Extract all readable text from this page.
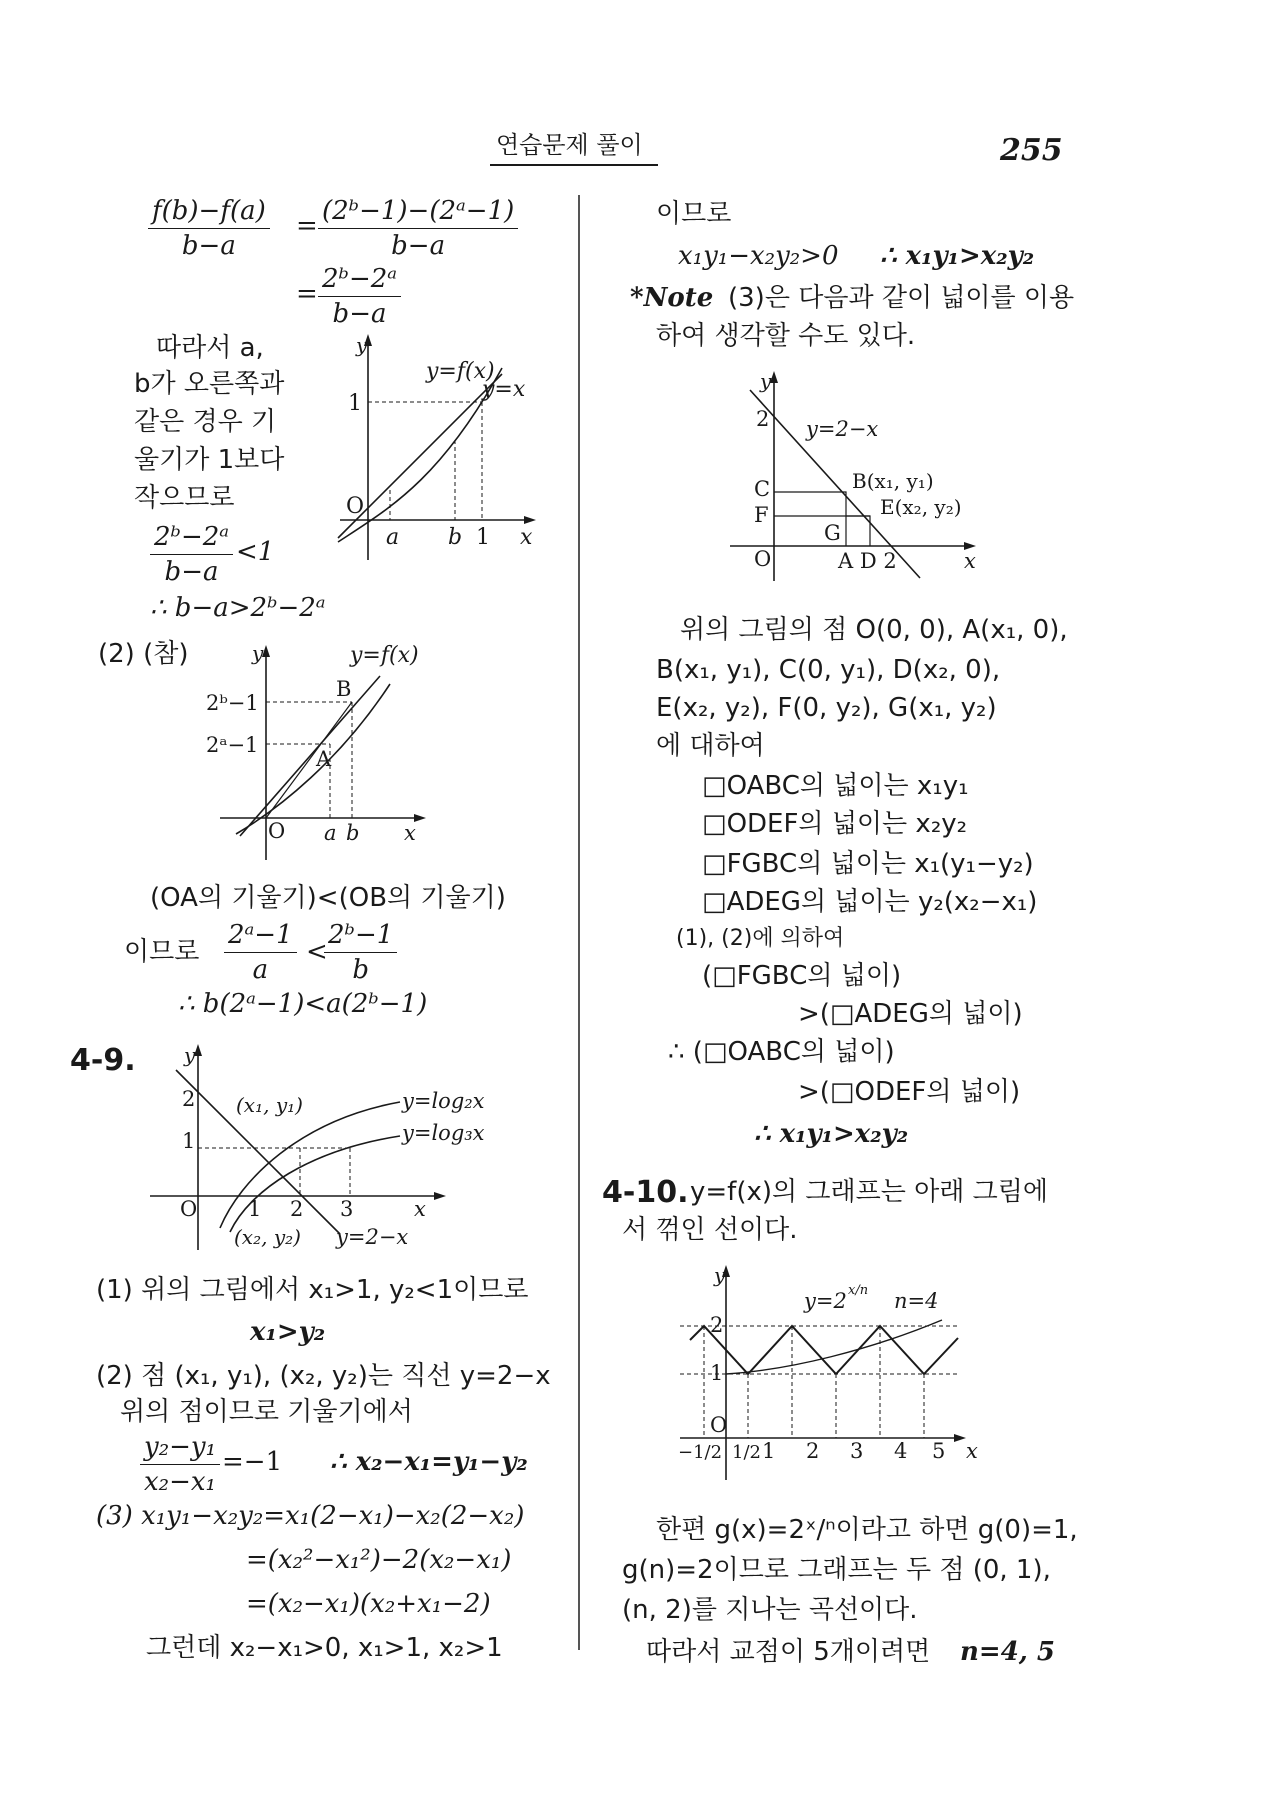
연습문제 풀이	255
$\frac{f(b)-f(a)}{b-a} = \frac{\text{(2ᵇ−1)−(2ᵃ−1)}}{b-a}$
= $\frac{\text{2ᵇ−2ᵃ}}{b-a}$
따라서 a,
b가 오른쪽과
같은 경우 기
울기가 1보다
작으므로
$\frac{\text{2ᵇ−2ᵃ}}{b-a} <1$
∴ b−a>2ᵇ−2ᵃ
y
y=f(x)
y=x
1
O
a b 1 x
(2) (참)	y	y=f(x)
2ᵇ−1
2ᵃ−1
B
A
O a b x
(OA의 기울기)<(OB의 기울기)
이므로 $\frac{\text{2ᵃ−1}}{a}$ <
$\frac{\text{2ᵇ−1}}{b}$
∴ b(2ᵃ−1)<a(2ᵇ−1)
4-9. y
2
1
O
(x₁, y₁)	y=log₂x
y=log₃x
1 2 3	x
(x₂, y₂) y=2−x
(1) 위의 그림에서 x₁>1, y₂<1이므로
x₁>y₂
(2) 점 (x₁, y₁), (x₂, y₂)는 직선 y=2−x
위의 점이므로 기울기에서
$\frac{\text{y₂−y₁}}{\text{x₂−x₁}} =-1$ ∴ x₂−x₁=y₁−y₂
(3) x₁y₁−x₂y₂=x₁(2−x₁)−x₂(2−x₂)
=(x₂²−x₁²)−2(x₂−x₁)
=(x₂−x₁)(x₂+x₁−2)
그런데 x₂−x₁>0, x₁>1, x₂>1
이므로
x₁y₁−x₂y₂>0 ∴ x₁y₁>x₂y₂
*Note (3)은 다음과 같이 넓이를 이용
하여 생각할 수도 있다.
y
2 y=2−x
C
F
G
B(x₁, y₁)
E(x₂, y₂)
O	A D 2	x
위의 그림의 점 O(0, 0), A(x₁, 0),
B(x₁, y₁), C(0, y₁), D(x₂, 0),
E(x₂, y₂), F(0, y₂), G(x₁, y₂)
에 대하여
□OABC의 넓이는 x₁y₁
□ODEF의 넓이는 x₂y₂
□FGBC의 넓이는 x₁(y₁−y₂)
□ADEG의 넓이는 y₂(x₂−x₁)
(1), (2)에 의하여
(□FGBC의 넓이)
>(□ADEG의 넓이)
∴ (□OABC의 넓이)
>(□ODEF의 넓이)
∴ x₁y₁>x₂y₂
4-10. y=f(x)의 그래프는 아래 그림에
서 꺾인 선이다.
y
y=2 x/n n=4
2
1
O
−1/2 1/2 1 2 3 4 5 x
한편 g(x)=2ˣ/ⁿ이라고 하면 g(0)=1,
g(n)=2이므로 그래프는 두 점 (0, 1),
(n, 2)를 지나는 곡선이다.
따라서 교점이 5개이려면 n=4, 5
